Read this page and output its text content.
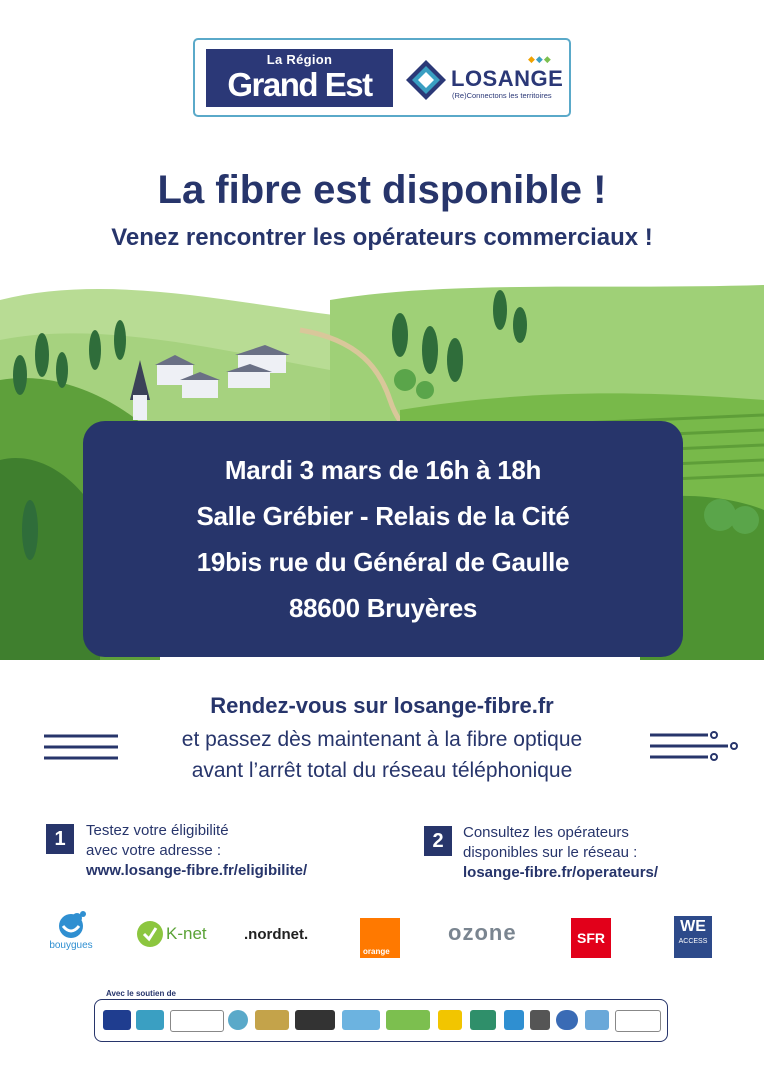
La Région
Grand Est	LOSANGE
(Re)Connectons les territoires
◆◆◆
La fibre est disponible !
Venez rencontrer les opérateurs commerciaux !
Mardi 3 mars de 16h à 18h
Salle Grébier - Relais de la Cité
19bis rue du Général de Gaulle
88600 Bruyères
Rendez-vous sur losange-fibre.fr
et passez dès maintenant à la fibre optique
avant l’arrêt total du réseau téléphonique
1	Testez votre éligibilité
avec votre adresse :
www.losange-fibre.fr/eligibilite/
2	Consultez les opérateurs
disponibles sur le réseau :
losange-fibre.fr/operateurs/
bouygues
K-net .nordnet.
orange
ozone	SFR
WE
ACCESS
Avec le soutien de
